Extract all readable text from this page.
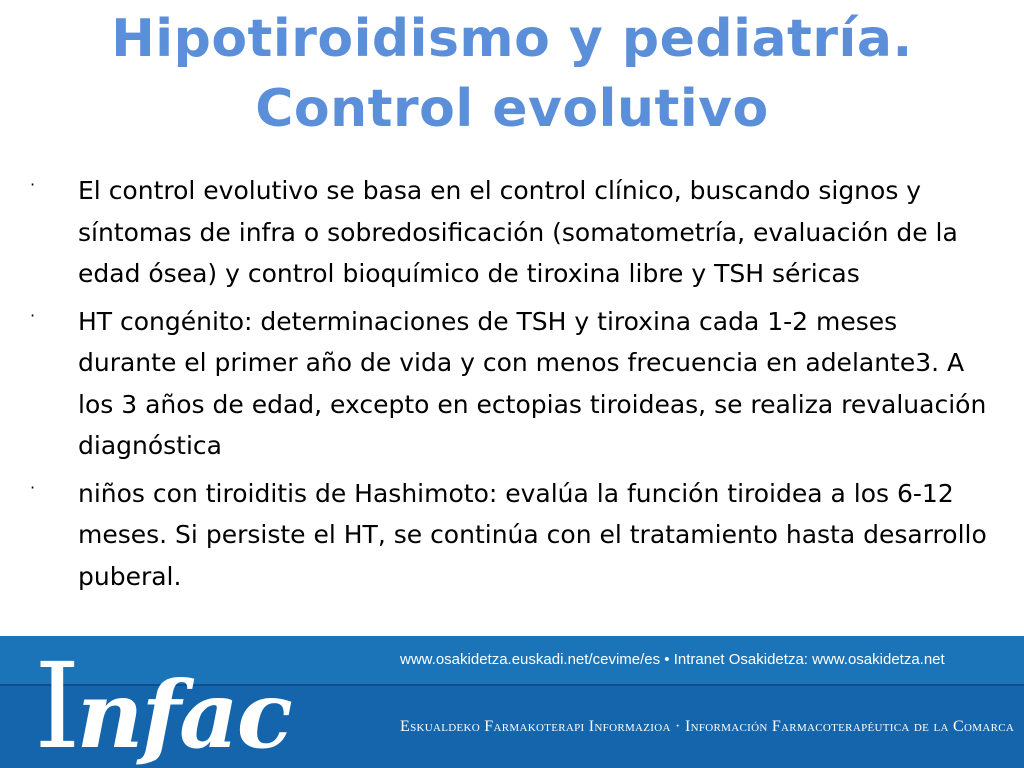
Hipotiroidismo y pediatría.
Control evolutivo
· El control evolutivo se basa en el control clínico, buscando signos y síntomas de infra o sobredosificación (somatometría, evaluación de la edad ósea) y control bioquímico de tiroxina libre y TSH séricas
· HT congénito: determinaciones de TSH y tiroxina cada 1-2 meses durante el primer año de vida y con menos frecuencia en adelante3. A los 3 años de edad, excepto en ectopias tiroideas, se realiza revaluación diagnóstica
· niños con tiroiditis de Hashimoto: evalúa la función tiroidea a los 6-12 meses. Si persiste el HT, se continúa con el tratamiento hasta desarrollo puberal.
Infac
www.osakidetza.euskadi.net/cevime/es • Intranet Osakidetza: www.osakidetza.net
Eskualdeko Farmakoterapi Informazioa · Información Farmacoterapéutica de la Comarca
